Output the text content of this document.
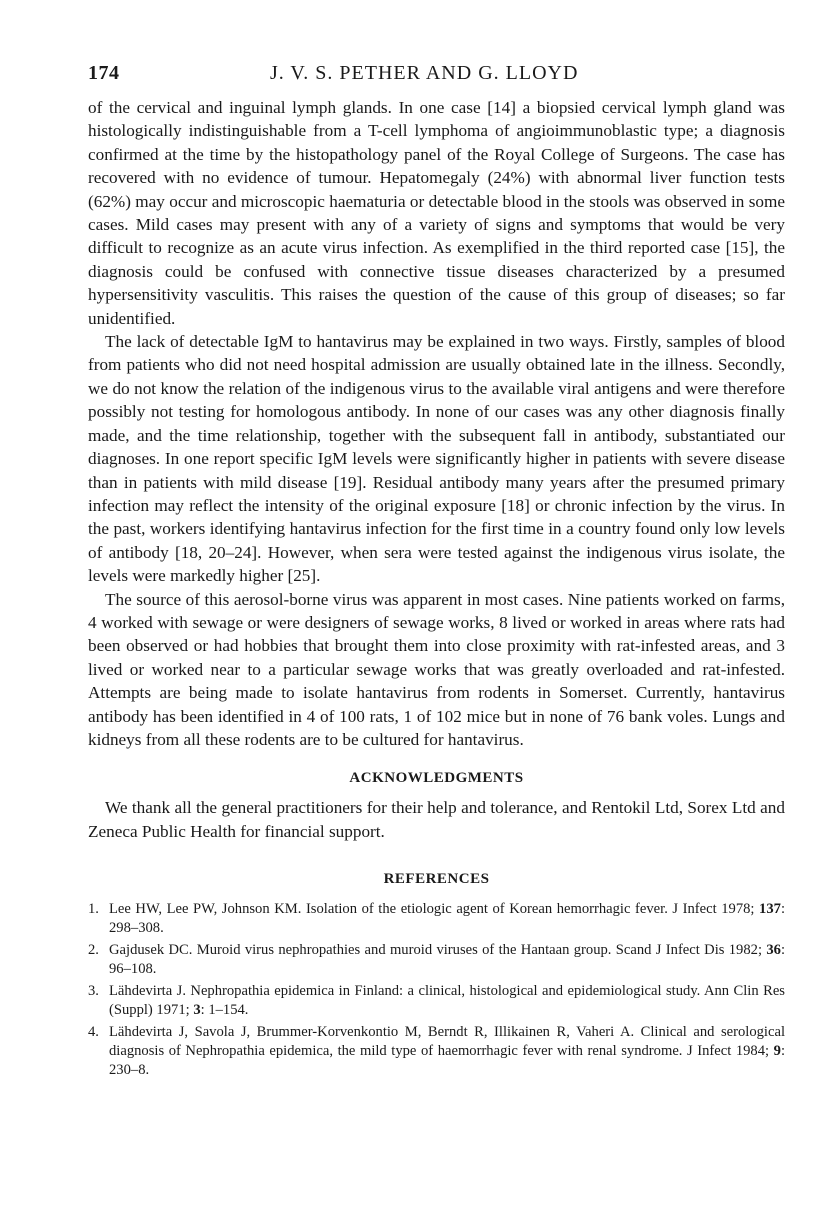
174	J. V. S. PETHER AND G. LLOYD

of the cervical and inguinal lymph glands. In one case [14] a biopsied cervical lymph gland was histologically indistinguishable from a T-cell lymphoma of angioimmunoblastic type; a diagnosis confirmed at the time by the histopathology panel of the Royal College of Surgeons. The case has recovered with no evidence of tumour. Hepatomegaly (24%) with abnormal liver function tests (62%) may occur and microscopic haematuria or detectable blood in the stools was observed in some cases. Mild cases may present with any of a variety of signs and symptoms that would be very difficult to recognize as an acute virus infection. As exemplified in the third reported case [15], the diagnosis could be confused with connective tissue diseases characterized by a presumed hypersensitivity vasculitis. This raises the question of the cause of this group of diseases; so far unidentified.

The lack of detectable IgM to hantavirus may be explained in two ways. Firstly, samples of blood from patients who did not need hospital admission are usually obtained late in the illness. Secondly, we do not know the relation of the indigenous virus to the available viral antigens and were therefore possibly not testing for homologous antibody. In none of our cases was any other diagnosis finally made, and the time relationship, together with the subsequent fall in antibody, substantiated our diagnoses. In one report specific IgM levels were significantly higher in patients with severe disease than in patients with mild disease [19]. Residual antibody many years after the presumed primary infection may reflect the intensity of the original exposure [18] or chronic infection by the virus. In the past, workers identifying hantavirus infection for the first time in a country found only low levels of antibody [18, 20–24]. However, when sera were tested against the indigenous virus isolate, the levels were markedly higher [25].

The source of this aerosol-borne virus was apparent in most cases. Nine patients worked on farms, 4 worked with sewage or were designers of sewage works, 8 lived or worked in areas where rats had been observed or had hobbies that brought them into close proximity with rat-infested areas, and 3 lived or worked near to a particular sewage works that was greatly overloaded and rat-infested. Attempts are being made to isolate hantavirus from rodents in Somerset. Currently, hantavirus antibody has been identified in 4 of 100 rats, 1 of 102 mice but in none of 76 bank voles. Lungs and kidneys from all these rodents are to be cultured for hantavirus.

ACKNOWLEDGMENTS

We thank all the general practitioners for their help and tolerance, and Rentokil Ltd, Sorex Ltd and Zeneca Public Health for financial support.

REFERENCES
1. Lee HW, Lee PW, Johnson KM. Isolation of the etiologic agent of Korean hemorrhagic fever. J Infect 1978; 137: 298–308.
2. Gajdusek DC. Muroid virus nephropathies and muroid viruses of the Hantaan group. Scand J Infect Dis 1982; 36: 96–108.
3. Lähdevirta J. Nephropathia epidemica in Finland: a clinical, histological and epidemiological study. Ann Clin Res (Suppl) 1971; 3: 1–154.
4. Lähdevirta J, Savola J, Brummer-Korvenkontio M, Berndt R, Illikainen R, Vaheri A. Clinical and serological diagnosis of Nephropathia epidemica, the mild type of haemorrhagic fever with renal syndrome. J Infect 1984; 9: 230–8.
